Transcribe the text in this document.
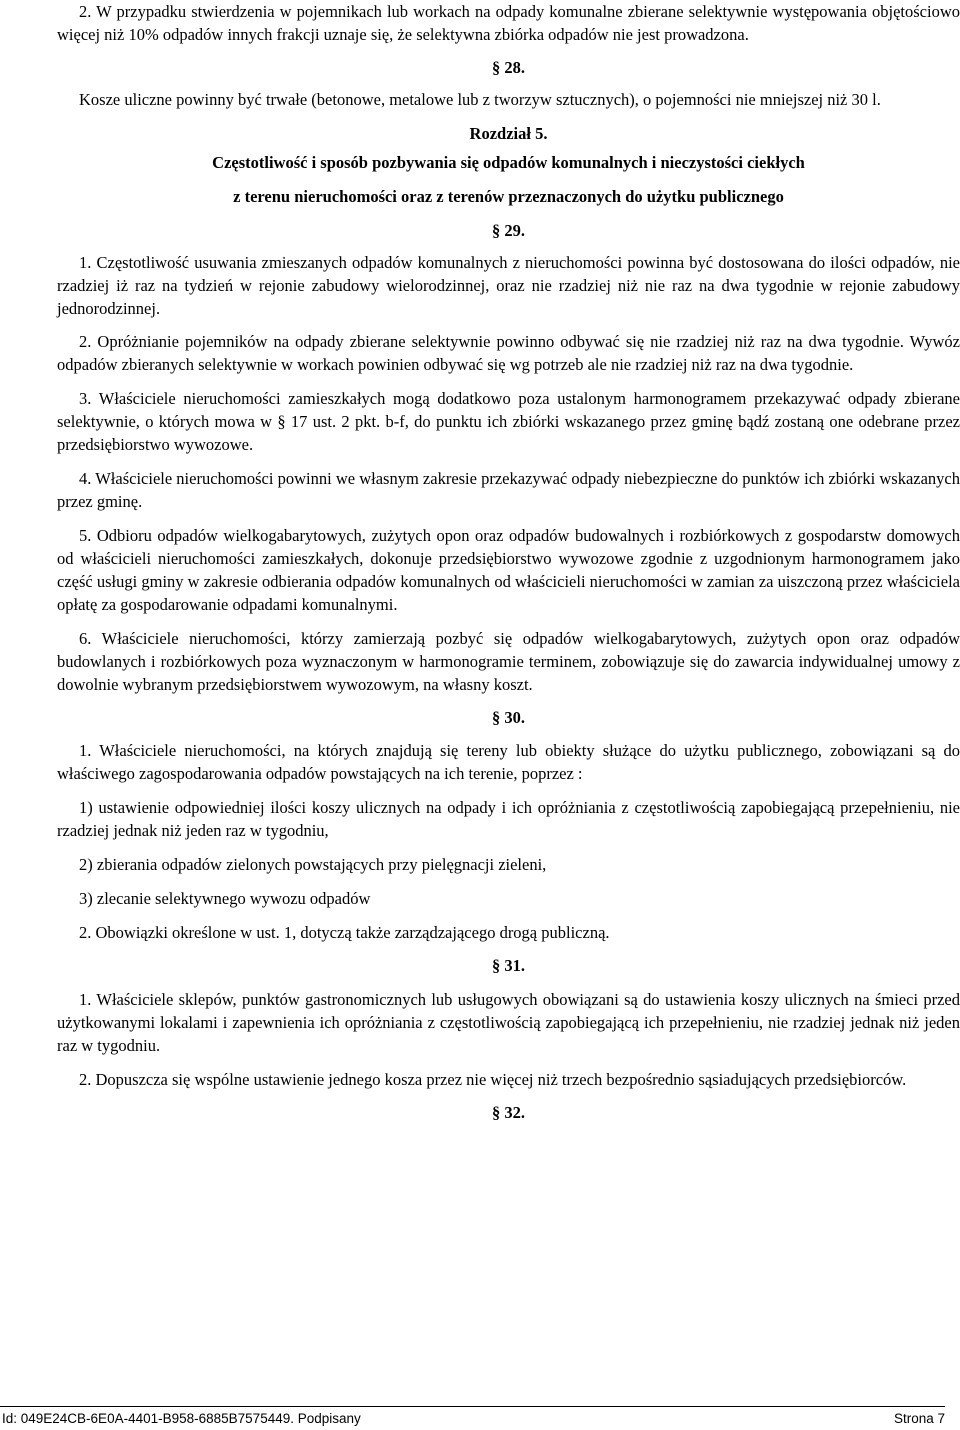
2. W przypadku stwierdzenia w pojemnikach lub workach na odpady komunalne zbierane selektywnie występowania objętościowo więcej niż 10% odpadów innych frakcji uznaje się, że selektywna zbiórka odpadów nie jest prowadzona.

§ 28.

Kosze uliczne powinny być trwałe (betonowe, metalowe lub z tworzyw sztucznych), o pojemności nie mniejszej niż 30 l.

Rozdział 5.

Częstotliwość i sposób pozbywania się odpadów komunalnych i nieczystości ciekłych

z terenu nieruchomości oraz z terenów przeznaczonych do użytku publicznego

§ 29.

1. Częstotliwość usuwania zmieszanych odpadów komunalnych z nieruchomości powinna być dostosowana do ilości odpadów, nie rzadziej iż raz na tydzień w rejonie zabudowy wielorodzinnej, oraz nie rzadziej niż nie raz na dwa tygodnie w rejonie zabudowy jednorodzinnej.

2. Opróżnianie pojemników na odpady zbierane selektywnie powinno odbywać się nie rzadziej niż raz na dwa tygodnie. Wywóz odpadów zbieranych selektywnie w workach powinien odbywać się wg potrzeb ale nie rzadziej niż raz na dwa tygodnie.

3. Właściciele nieruchomości zamieszkałych mogą dodatkowo poza ustalonym harmonogramem przekazywać odpady zbierane selektywnie, o których mowa w § 17 ust. 2 pkt. b-f, do punktu ich zbiórki wskazanego przez gminę bądź zostaną one odebrane przez przedsiębiorstwo wywozowe.

4. Właściciele nieruchomości powinni we własnym zakresie przekazywać odpady niebezpieczne do punktów ich zbiórki wskazanych przez gminę.

5. Odbioru odpadów wielkogabarytowych, zużytych opon oraz odpadów budowalnych i rozbiórkowych z gospodarstw domowych od właścicieli nieruchomości zamieszkałych, dokonuje przedsiębiorstwo wywozowe zgodnie z uzgodnionym harmonogramem jako część usługi gminy w zakresie odbierania odpadów komunalnych od właścicieli nieruchomości w zamian za uiszczoną przez właściciela opłatę za gospodarowanie odpadami komunalnymi.

6. Właściciele nieruchomości, którzy zamierzają pozbyć się odpadów wielkogabarytowych, zużytych opon oraz odpadów budowlanych i rozbiórkowych poza wyznaczonym w harmonogramie terminem, zobowiązuje się do zawarcia indywidualnej umowy z dowolnie wybranym przedsiębiorstwem wywozowym, na własny koszt.

§ 30.

1. Właściciele nieruchomości, na których znajdują się tereny lub obiekty służące do użytku publicznego, zobowiązani są do właściwego zagospodarowania odpadów powstających na ich terenie, poprzez :

1) ustawienie odpowiedniej ilości koszy ulicznych na odpady i ich opróżniania z częstotliwością zapobiegającą przepełnieniu, nie rzadziej jednak niż jeden raz w tygodniu,

2) zbierania odpadów zielonych powstających przy pielęgnacji zieleni,

3) zlecanie selektywnego wywozu odpadów

2. Obowiązki określone w ust. 1, dotyczą także zarządzającego drogą publiczną.

§ 31.

1. Właściciele sklepów, punktów gastronomicznych lub usługowych obowiązani są do ustawienia koszy ulicznych na śmieci przed użytkowanymi lokalami i zapewnienia ich opróżniania z częstotliwością zapobiegającą ich przepełnieniu, nie rzadziej jednak niż jeden raz w tygodniu.

2. Dopuszcza się wspólne ustawienie jednego kosza przez nie więcej niż trzech bezpośrednio sąsiadujących przedsiębiorców.

§ 32.

Id: 049E24CB-6E0A-4401-B958-6885B7575449. Podpisany	Strona 7
